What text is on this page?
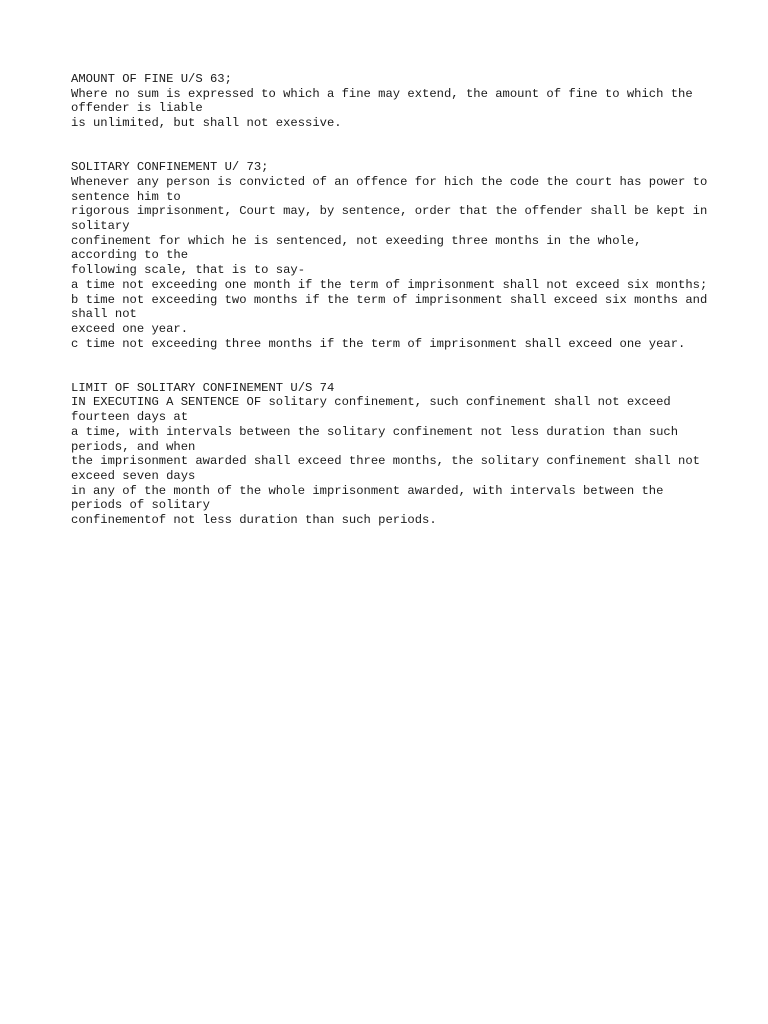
AMOUNT OF FINE U/S 63;
Where no sum is expressed to which a fine may extend, the amount of fine to which the offender is liable
is unlimited, but shall not exessive.
SOLITARY CONFINEMENT U/ 73;
Whenever any person is convicted of an offence for hich the code the court has power to sentence him to
rigorous imprisonment, Court may, by sentence, order that the offender shall be kept in solitary
confinement for which he is sentenced, not exeeding three months in the whole, according to the
following scale, that is to say-
a time not exceeding one month if the term of imprisonment shall not exceed six months;
b time not exceeding two months if the term of imprisonment shall exceed six months and shall not
exceed one year.
c time not exceeding three months if the term of imprisonment shall exceed one year.
LIMIT OF SOLITARY CONFINEMENT U/S 74
IN EXECUTING A SENTENCE OF solitary confinement, such confinement shall not exceed fourteen days at
a time, with intervals between the solitary confinement not less duration than such periods, and when
the imprisonment awarded shall exceed three months, the solitary confinement shall not exceed seven days
in any of the month of the whole imprisonment awarded, with intervals between the periods of solitary
confinementof not less duration than such periods.
